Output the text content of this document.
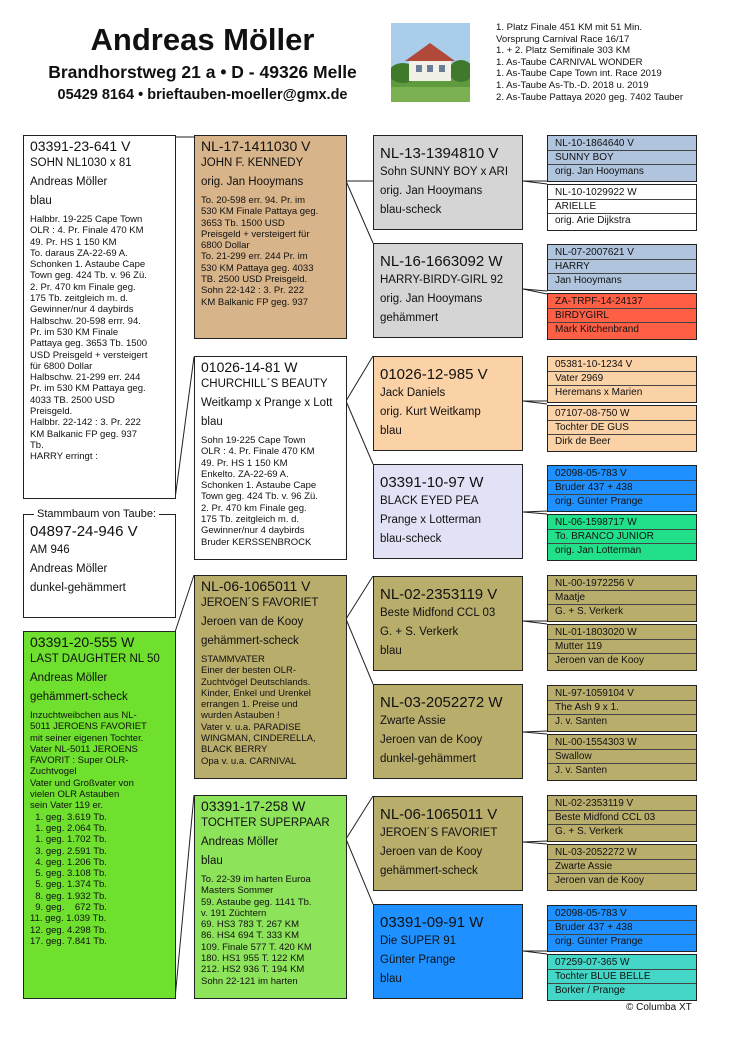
Andreas Möller
Brandhorstweg 21 a • D - 49326 Melle
05429 8164 • brieftauben-moeller@gmx.de
1. Platz Finale 451 KM mit 51 Min.
Vorsprung Carnival Race 16/17
1. + 2. Platz Semifinale 303 KM
1. As-Taube CARNIVAL WONDER
1. As-Taube Cape Town int. Race 2019
1. As-Taube As-Tb.-D. 2018 u. 2019
2. As-Taube Pattaya 2020 geg. 7402 Tauber
03391-23-641 V
SOHN NL1030 x 81
Andreas Möller
blau
Halbbr. 19-225 Cape Town
OLR : 4. Pr. Finale 470 KM
49. Pr. HS 1 150 KM
To. daraus ZA-22-69 A.
Schonken 1. Astaube Cape
Town geg. 424 Tb. v. 96 Zü.
2. Pr. 470 km Finale geg.
175 Tb. zeitgleich m. d.
Gewinner/nur 4 daybirds
Halbschw. 20-598 errr. 94.
Pr. im 530 KM Finale
Pattaya geg. 3653 Tb. 1500
USD Preisgeld + versteigert
für 6800 Dollar
Halbschw. 21-299 err. 244
Pr. im 530 KM Pattaya geg.
4033 TB. 2500 USD
Preisgeld.
Halbbr. 22-142 : 3. Pr. 222
KM Balkanic FP geg. 937
Tb.
HARRY erringt :
04897-24-946 V
AM 946
Andreas Möller
dunkel-gehämmert
Stammbaum von Taube:
03391-20-555 W
LAST DAUGHTER NL 50
Andreas Möller
gehämmert-scheck
Inzuchtweibchen aus NL-
5011 JEROENS FAVORIET
mit seiner eigenen Tochter.
Vater NL-5011 JEROENS
FAVORIT : Super OLR-
Zuchtvogel
Vater und Großvater von
vielen OLR Astauben
sein Vater 119 er.
1. geg. 3.619 Tb.
1. geg. 2.064 Tb.
1. geg. 1.702 Tb.
3. geg. 2.591 Tb.
4. geg. 1.206 Tb.
5. geg. 3.108 Tb.
5. geg. 1.374 Tb.
8. geg. 1.932 Tb.
9. geg.    672 Tb.
11. geg. 1.039 Tb.
12. geg. 4.298 Tb.
17. geg. 7.841 Tb.
NL-17-1411030 V
JOHN F. KENNEDY
orig. Jan Hooymans
To. 20-598 err. 94. Pr. im
530 KM Finale Pattaya geg.
3653 Tb. 1500 USD
Preisgeld + versteigert für
6800 Dollar
To. 21-299 err. 244 Pr. im
530 KM Pattaya geg. 4033
TB. 2500 USD Preisgeld.
Sohn 22-142 : 3. Pr. 222
KM Balkanic FP geg. 937
01026-14-81 W
CHURCHILL´S BEAUTY
Weitkamp x Prange x Lott
blau
Sohn 19-225 Cape Town
OLR : 4. Pr. Finale 470 KM
49. Pr. HS 1 150 KM
Enkelto. ZA-22-69 A.
Schonken 1. Astaube Cape
Town geg. 424 Tb. v. 96 Zü.
2. Pr. 470 km Finale geg.
175 Tb. zeitgleich m. d.
Gewinner/nur 4 daybirds
Bruder KERSSENBROCK
NL-06-1065011 V
JEROEN´S FAVORIET
Jeroen van de Kooy
gehämmert-scheck
STAMMVATER
Einer der besten OLR-
Zuchtvögel Deutschlands.
Kinder, Enkel und Urenkel
errangen 1. Preise und
wurden Astauben !
Vater v. u.a. PARADISE
WINGMAN, CINDERELLA,
BLACK BERRY
Opa v. u.a. CARNIVAL
03391-17-258 W
TOCHTER SUPERPAAR
Andreas Möller
blau
To. 22-39 im harten Euroa
Masters Sommer
59. Astaube geg. 1141 Tb.
v. 191 Züchtern
69. HS3 783 T. 267 KM
86. HS4 694 T. 333 KM
109. Finale 577 T. 420 KM
180. HS1 955 T. 122 KM
212. HS2 936 T. 194 KM
Sohn 22-121 im harten
NL-13-1394810 V
Sohn SUNNY BOY x ARI
orig. Jan Hooymans
blau-scheck
NL-16-1663092 W
HARRY-BIRDY-GIRL 92
orig. Jan Hooymans
gehämmert
01026-12-985 V
Jack Daniels
orig. Kurt Weitkamp
blau
03391-10-97 W
BLACK EYED PEA
Prange x Lotterman
blau-scheck
NL-02-2353119 V
Beste Midfond CCL 03
G. + S. Verkerk
blau
NL-03-2052272 W
Zwarte Assie
Jeroen van de Kooy
dunkel-gehämmert
NL-06-1065011 V
JEROEN´S FAVORIET
Jeroen van de Kooy
gehämmert-scheck
03391-09-91 W
Die SUPER 91
Günter Prange
blau
NL-10-1864640 V
SUNNY BOY
orig. Jan Hooymans
NL-10-1029922 W
ARIELLE
orig. Arie Dijkstra
NL-07-2007621 V
HARRY
Jan Hooymans
ZA-TRPF-14-24137
BIRDYGIRL
Mark Kitchenbrand
05381-10-1234 V
Vater 2969
Heremans x Marien
07107-08-750 W
Tochter DE GUS
Dirk de Beer
02098-05-783 V
Bruder 437 + 438
orig. Günter Prange
NL-06-1598717 W
To. BRANCO JUNIOR
orig. Jan Lotterman
NL-00-1972256 V
Maatje
G. + S. Verkerk
NL-01-1803020 W
Mutter 119
Jeroen van de Kooy
NL-97-1059104 V
The Ash 9 x 1.
J. v. Santen
NL-00-1554303 W
Swallow
J. v. Santen
NL-02-2353119 V
Beste Midfond CCL 03
G. + S. Verkerk
NL-03-2052272 W
Zwarte Assie
Jeroen van de Kooy
02098-05-783 V
Bruder 437 + 438
orig. Günter Prange
07259-07-365 W
Tochter BLUE BELLE
Borker / Prange
© Columba XT
